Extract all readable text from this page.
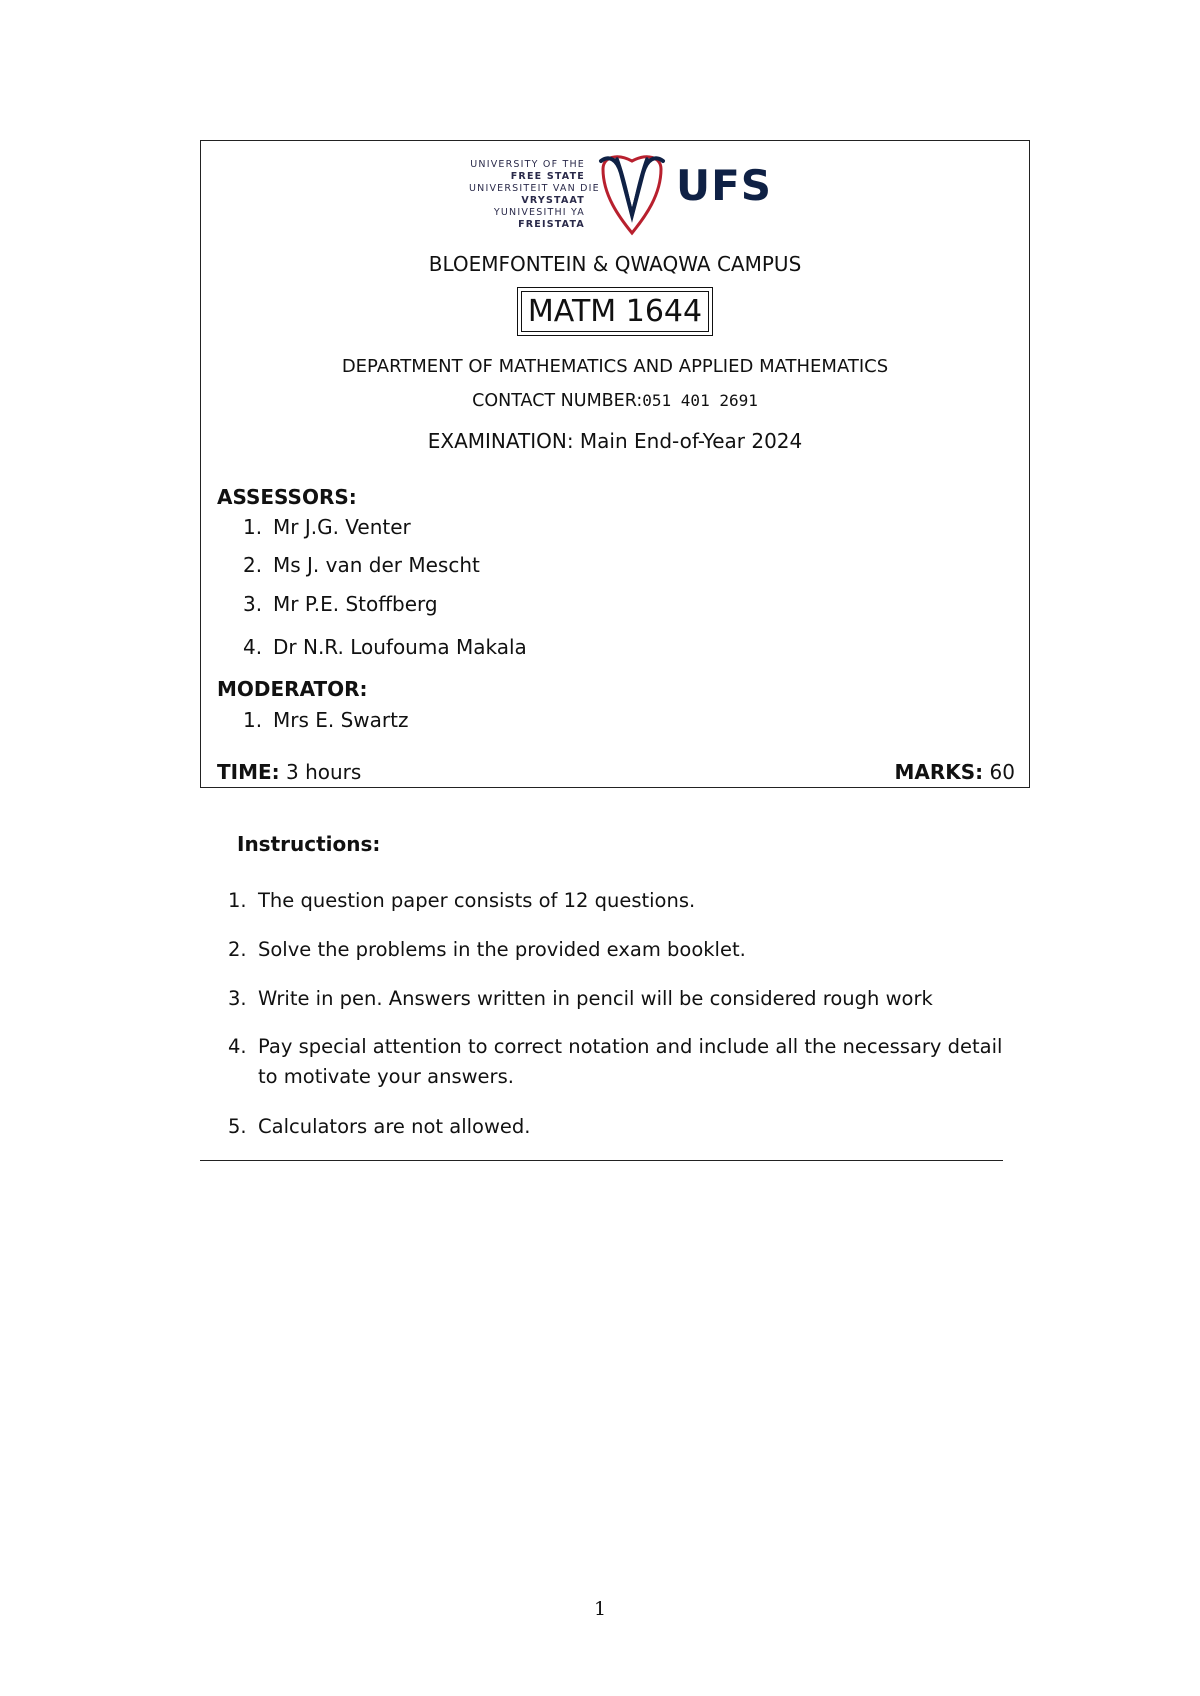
UNIVERSITY OF THE
FREE STATE
UNIVERSITEIT VAN DIE
VRYSTAAT
YUNIVESITHI YA
FREISTATA
UFS
BLOEMFONTEIN & QWAQWA CAMPUS
MATM 1644
DEPARTMENT OF MATHEMATICS AND APPLIED MATHEMATICS
CONTACT NUMBER:051 401 2691
EXAMINATION: Main End-of-Year 2024
ASSESSORS:
1. Mr J.G. Venter
2. Ms J. van der Mescht
3. Mr P.E. Stoffberg
4. Dr N.R. Loufouma Makala
MODERATOR:
1. Mrs E. Swartz
TIME: 3 hours	MARKS: 60
Instructions:
1. The question paper consists of 12 questions.
2. Solve the problems in the provided exam booklet.
3. Write in pen. Answers written in pencil will be considered rough work
4. Pay special attention to correct notation and include all the necessary detail
to motivate your answers.
5. Calculators are not allowed.
1
